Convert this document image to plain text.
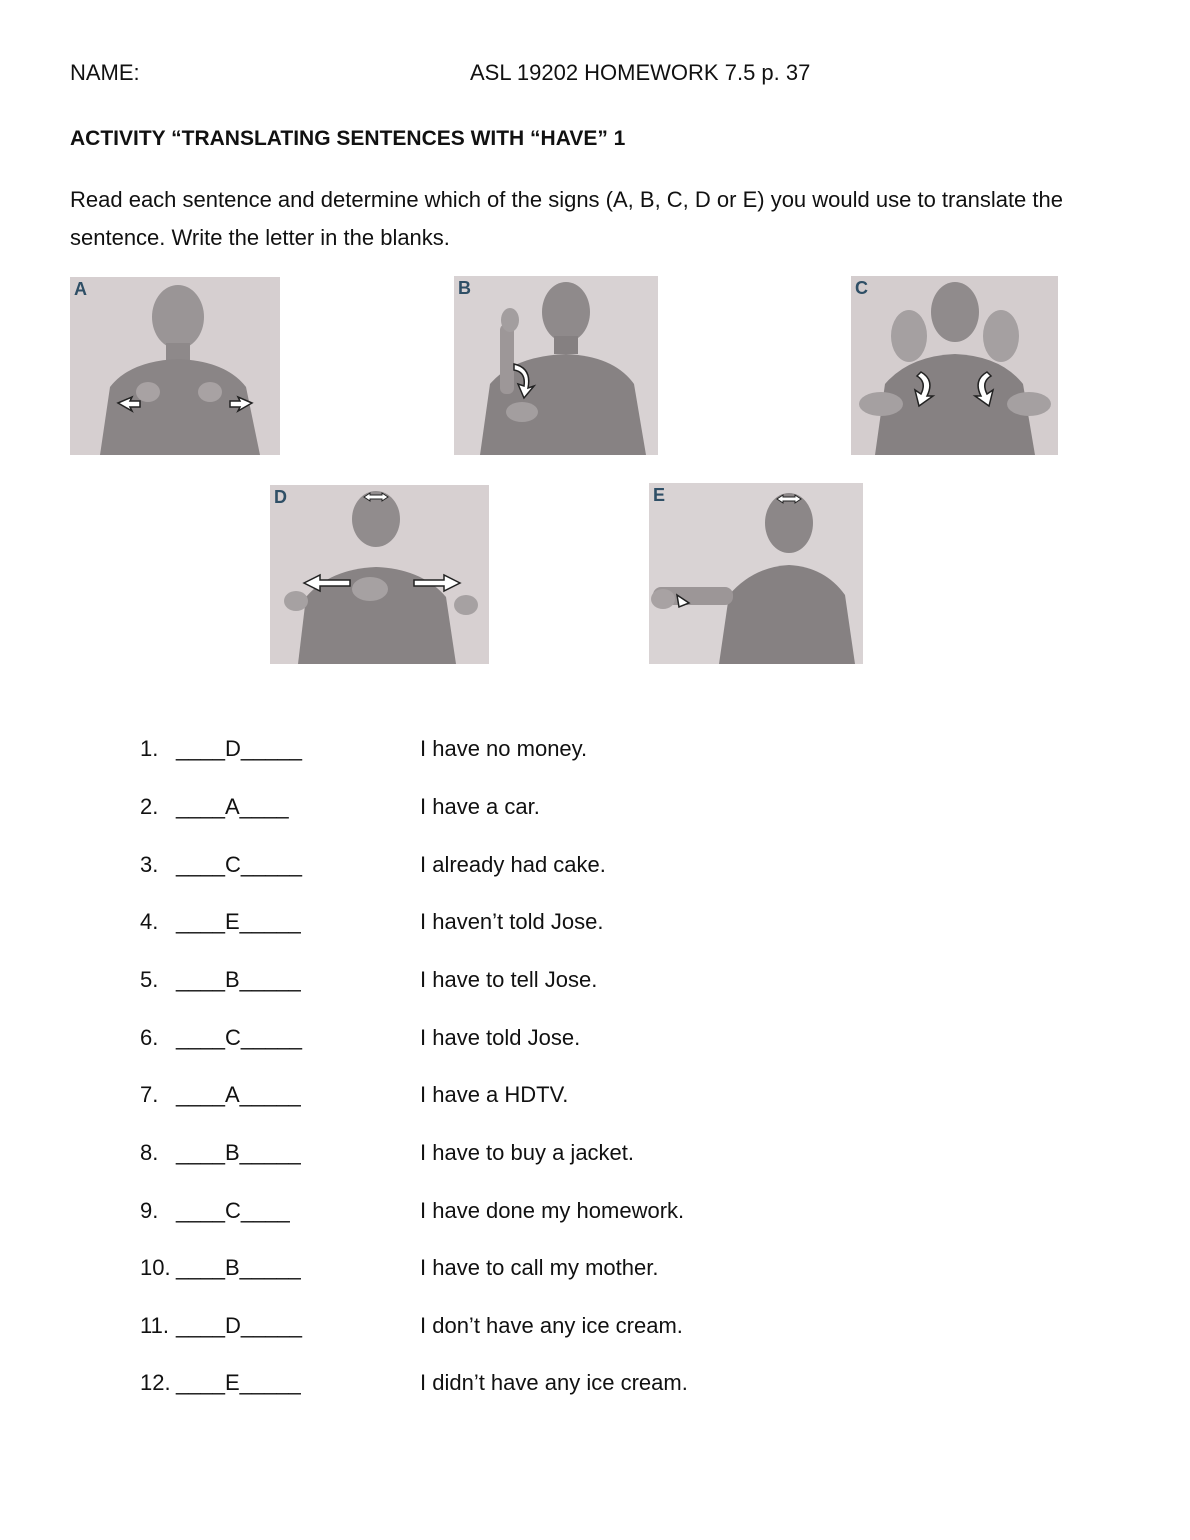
NAME:	ASL 19202 HOMEWORK 7.5 p. 37
ACTIVITY “TRANSLATING SENTENCES WITH “HAVE” 1
Read each sentence and determine which of the signs (A, B, C, D or E) you would use to translate the sentence. Write the letter in the blanks.
A	B	C
D	E
1. ____D_____	I have no money.
2. ____A____	I have a car.
3. ____C_____	I already had cake.
4. ____E_____	I haven’t told Jose.
5. ____B_____	I have to tell Jose.
6. ____C_____	I have told Jose.
7. ____A_____	I have a HDTV.
8. ____B_____	I have to buy a jacket.
9. ____C____	I have done my homework.
10. ____B_____	I have to call my mother.
11. ____D_____	I don’t have any ice cream.
12. ____E_____	I didn’t have any ice cream.
